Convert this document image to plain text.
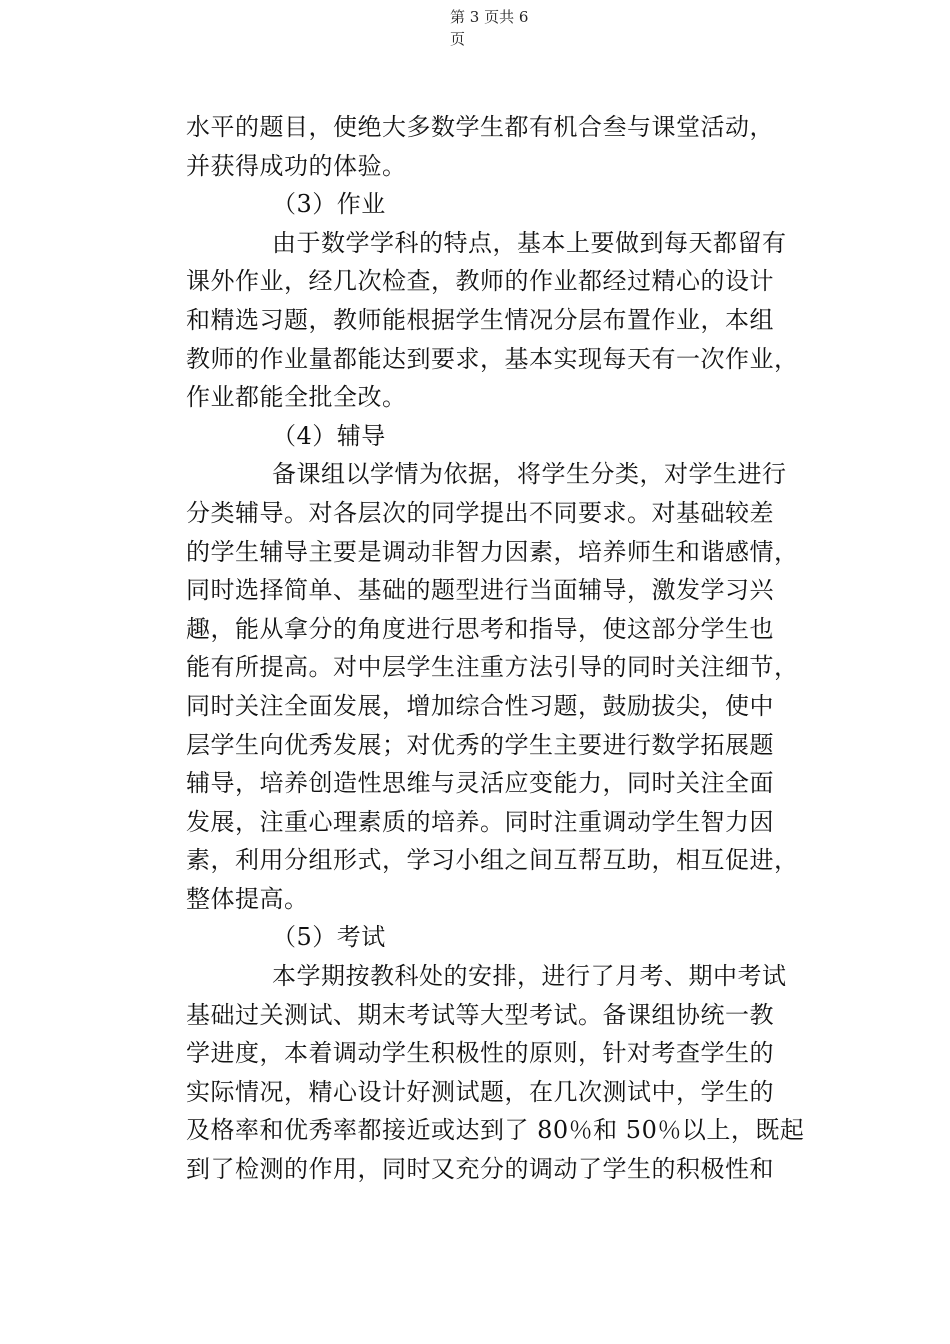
第 3 页共 6
页
水平的题目，使绝大多数学生都有机合叁与课堂活动，
并获得成功的体验。
（3）作业
由于数学学科的特点，基本上要做到每天都留有
课外作业，经几次检查，教师的作业都经过精心的设计
和精选习题，教师能根据学生情况分层布置作业，本组
教师的作业量都能达到要求，基本实现每天有一次作业，
作业都能全批全改。
（4）辅导
备课组以学情为依据，将学生分类，对学生进行
分类辅导。对各层次的同学提出不同要求。对基础较差
的学生辅导主要是调动非智力因素，培养师生和谐感情，
同时选择简单、基础的题型进行当面辅导，激发学习兴
趣，能从拿分的角度进行思考和指导，使这部分学生也
能有所提高。对中层学生注重方法引导的同时关注细节，
同时关注全面发展，增加综合性习题，鼓励拔尖，使中
层学生向优秀发展；对优秀的学生主要进行数学拓展题
辅导，培养创造性思维与灵活应变能力，同时关注全面
发展，注重心理素质的培养。同时注重调动学生智力因
素，利用分组形式，学习小组之间互帮互助，相互促进，
整体提高。
（5）考试
本学期按教科处的安排，进行了月考、期中考试
基础过关测试、期末考试等大型考试。备课组协统一教
学进度，本着调动学生积极性的原则，针对考查学生的
实际情况，精心设计好测试题，在几次测试中，学生的
及格率和优秀率都接近或达到了 80％和 50％以上，既起
到了检测的作用，同时又充分的调动了学生的积极性和
